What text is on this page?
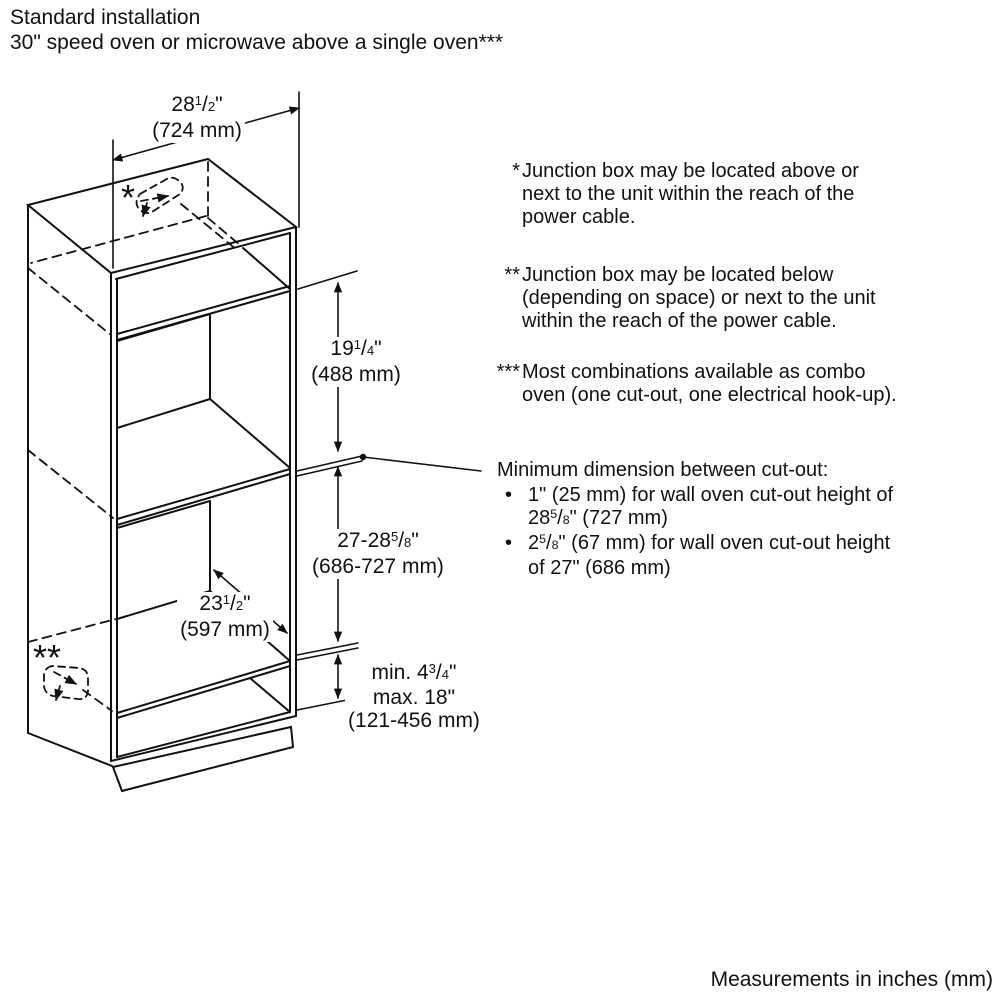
*
**
Standard installation
30" speed oven or microwave above a single oven***
28$^1$/2"
(724 mm)
19$^1$/4"
(488 mm)
27-28$^5$/8"
(686-727 mm)
23$^1$/2"
(597 mm)
min. 4$^3$/4"
max. 18"
(121-456 mm)
* Junction box may be located above or
next to the unit within the reach of the
power cable.
** Junction box may be located below
(depending on space) or next to the unit
within the reach of the power cable.
*** Most combinations available as combo
oven (one cut-out, one electrical hook-up).
Minimum dimension between cut-out:
• 1" (25 mm) for wall oven cut-out height of
28$^5$/8" (727 mm)
• 2$^5$/8" (67 mm) for wall oven cut-out height
of 27" (686 mm)
Measurements in inches (mm)
